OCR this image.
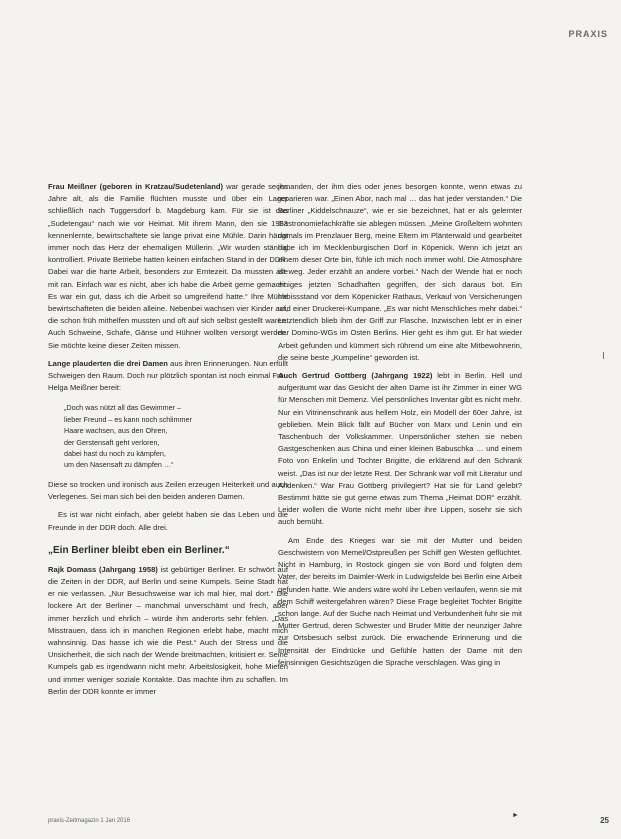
PRAXIS

Frau Meißner (geboren in Kratzau/Sudetenland) war gerade sechs Jahre alt, als die Familie flüchten musste und über ein Lager schließlich nach Tuggersdorf b. Magdeburg kam. Für sie ist das „Sudetengau“ nach wie vor Heimat. Mit ihrem Mann, den sie 1963 kennenlernte, bewirtschaftete sie lange privat eine Mühle. Darin hängt immer noch das Herz der ehemaligen Müllerin. „Wir wurden ständig kontrolliert. Private Betriebe hatten keinen einfachen Stand in der DDR. Dabei war die harte Arbeit, besonders zur Erntezeit. Da mussten alle mit ran. Einfach war es nicht, aber ich habe die Arbeit gerne gemacht. Es war ein gut, dass ich die Arbeit so umgreifend hatte.“ Ihre Mühle bewirtschafteten die beiden alleine. Nebenbei wachsen vier Kinder auf, die schon früh mithelfen mussten und oft auf sich selbst gestellt waren. Auch Schweine, Schafe, Gänse und Hühner wollten versorgt werden. Sie möchte keine dieser Zeiten missen.

Lange plauderten die drei Damen aus ihren Erinnerungen. Nun erfüllt Schweigen den Raum. Doch nur plötzlich spontan ist noch einmal Frau Helga Meißner bereit:

„Doch was nützt all das Gewimmer –
lieber Freund – es kann noch schlimmer
Haare wachsen, aus den Ohren,
der Gerstensaft geht verloren,
dabei hast du noch zu kämpfen,
um den Nasensaft zu dämpfen …“

Diese so trocken und ironisch aus Zeilen erzeugen Heiterkeit und auch Verlegenes. Sei man sich bei den beiden anderen Damen.

Es ist war nicht einfach, aber gelebt haben sie das Leben und die Freunde in der DDR doch. Alle drei.

„Ein Berliner bleibt eben ein Berliner.“

Rajk Domass (Jahrgang 1958) ist gebürtiger Berliner. Er schwört auf die Zeiten in der DDR, auf Berlin und seine Kumpels. Seine Stadt hat er nie verlassen. „Nur Besuchsweise war ich mal hier, mal dort.“ Die lockere Art der Berliner – manchmal unverschämt und frech, aber immer herzlich und ehrlich – würde ihm anderorts sehr fehlen. „Das Misstrauen, dass ich in manchen Regionen erlebt habe, macht mich wahnsinnig. Das hasse ich wie die Pest.“ Auch der Stress und die Unsicherheit, die sich nach der Wende breitmachten, kritisiert er. Seine Kumpels gab es irgendwann nicht mehr. Arbeitslosigkeit, hohe Mieten und immer weniger soziale Kontakte. Das machte ihm zu schaffen. Im Berlin der DDR konnte er immer

jemanden, der ihm dies oder jenes besorgen konnte, wenn etwas zu reparieren war. „Einen Abor, nach mal … das hat jeder verstanden.“ Die Berliner „Kiddelschnauze“, wie er sie bezeichnet, hat er als gelernter Gastronomiefachkräfte sie ablegen müssen. „Meine Großeltern wohnten damals im Prenzlauer Berg, meine Eltern im Plänterwald und gearbeitet habe ich im Mecklenburgischen Dorf in Köpenick. Wenn ich jetzt an einem dieser Orte bin, fühle ich mich noch immer wohl. Die Atmosphäre ist weg. Jeder erzählt an andere vorbei.“ Nach der Wende hat er noch einiges jetzten Schadhaften gegriffen, der sich daraus bot. Ein Imbissstand vor dem Köpenicker Rathaus, Verkauf von Versicherungen und einer Druckerei-Kumpane. „Es war nicht Menschliches mehr dabei.“ Letztendlich blieb ihm der Griff zur Flasche. Inzwischen lebt er in einer der Domino-WGs im Osten Berlins. Hier geht es ihm gut. Er hat wieder Arbeit gefunden und kümmert sich rührend um eine alte Mitbewohnerin, die seine beste „Kumpeline“ geworden ist.

Auch Gertrud Gottberg (Jahrgang 1922) lebt in Berlin. Hell und aufgeräumt war das Gesicht der alten Dame ist ihr Zimmer in einer WG für Menschen mit Demenz. Viel persönliches Inventar gibt es nicht mehr. Nur ein Vitrinenschrank aus hellem Holz, ein Modell der 60er Jahre, ist geblieben. Mein Blick fällt auf Bücher von Marx und Lenin und ein Taschenbuch der Volkskammer. Unpersönlicher stehen sie neben Gastgeschenken aus China und einer kleinen Babuschka … und einem Foto von Enkelin und Tochter Brigitte, die erklärend auf den Schrank weist. „Das ist nur der letzte Rest. Der Schrank war voll mit Literatur und Andenken.“ War Frau Gottberg privilegiert? Hat sie für Land gelebt? Bestimmt hätte sie gut gerne etwas zum Thema „Heimat DDR“ erzählt. Leider wollen die Worte nicht mehr über ihre Lippen, sosehr sie sich auch bemüht.

Am Ende des Krieges war sie mit der Mutter und beiden Geschwistern von Memel/Ostpreußen per Schiff gen Westen geflüchtet. Nicht in Hamburg, in Rostock gingen sie von Bord und folgten dem Vater, der bereits im Daimler-Werk in Ludwigsfelde bei Berlin eine Arbeit gefunden hatte. Wie anders wäre wohl ihr Leben verlaufen, wenn sie mit dem Schiff weitergefahren wären? Diese Frage begleitet Tochter Brigitte schon lange. Auf der Suche nach Heimat und Verbundenheit fuhr sie mit Mutter Gertrud, deren Schwester und Bruder Mitte der neunziger Jahre zur Ortsbesuch selbst zurück. Die erwachende Erinnerung und die Intensität der Eindrücke und Gefühle hatten der Dame mit den feinsinnigen Gesichtszügen die Sprache verschlagen. Was ging in

praxis-Zeitmagazin 1 Jan 2016
►
25
